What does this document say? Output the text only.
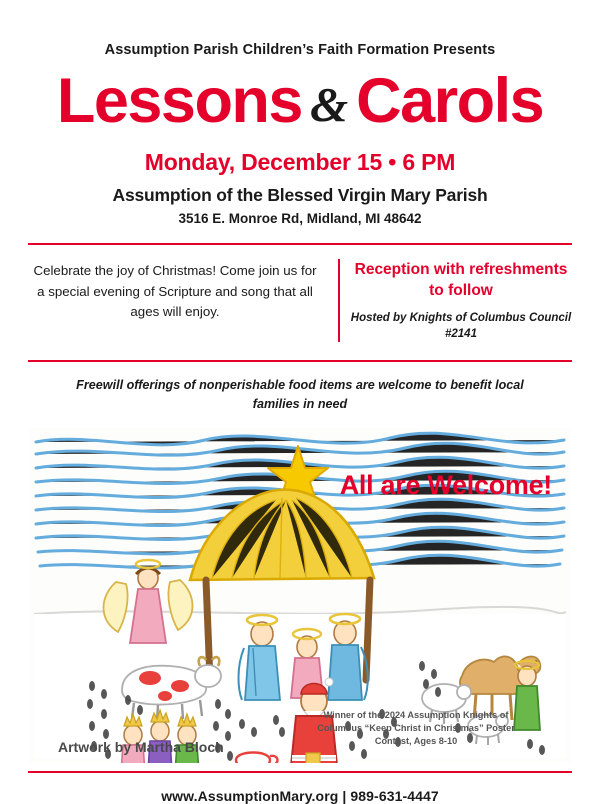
Assumption Parish Children’s Faith Formation Presents
Lessons & Carols
Monday, December 15 • 6 PM
Assumption of the Blessed Virgin Mary Parish
3516 E. Monroe Rd, Midland, MI 48642
Celebrate the joy of Christmas! Come join us for a special evening of Scripture and song that all ages will enjoy.
Reception with refreshments to follow
Hosted by Knights of Columbus Council #2141
Freewill offerings of nonperishable food items are welcome to benefit local families in need
All are Welcome!
Artwork by Martha Bloch
Winner of the 2024 Assumption Knights of Columbus “Keep Christ in Christmas” Poster Contest, Ages 8-10
www.AssumptionMary.org | 989-631-4447
